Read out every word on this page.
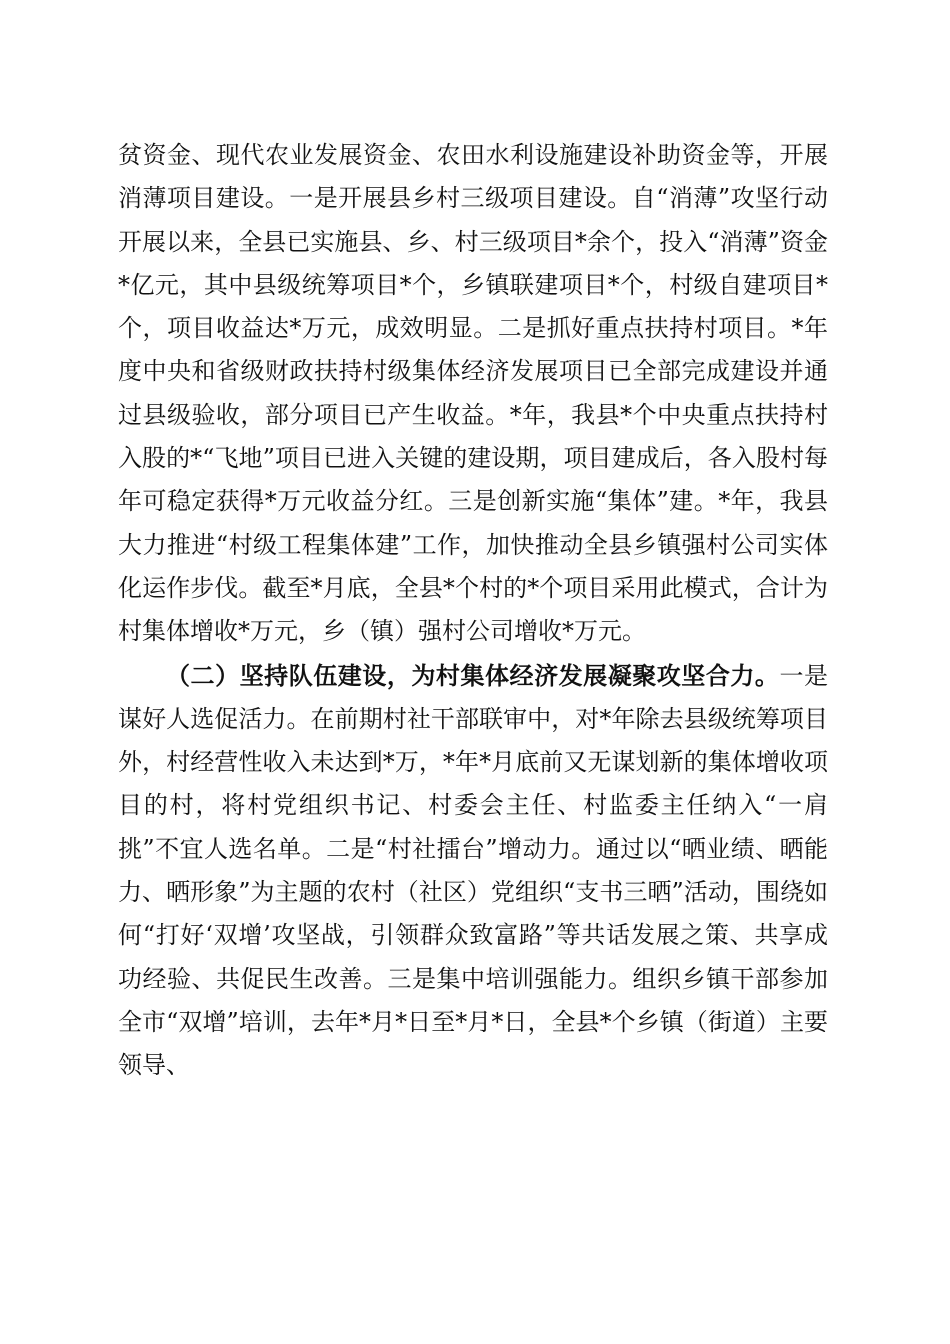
贫资金、现代农业发展资金、农田水利设施建设补助资金等，开展消薄项目建设。一是开展县乡村三级项目建设。自“消薄”攻坚行动开展以来，全县已实施县、乡、村三级项目*余个，投入“消薄”资金*亿元，其中县级统筹项目*个，乡镇联建项目*个，村级自建项目*个，项目收益达*万元，成效明显。二是抓好重点扶持村项目。*年度中央和省级财政扶持村级集体经济发展项目已全部完成建设并通过县级验收，部分项目已产生收益。*年，我县*个中央重点扶持村入股的*“飞地”项目已进入关键的建设期，项目建成后，各入股村每年可稳定获得*万元收益分红。三是创新实施“集体”建。*年，我县大力推进“村级工程集体建”工作，加快推动全县乡镇强村公司实体化运作步伐。截至*月底，全县*个村的*个项目采用此模式，合计为村集体增收*万元，乡（镇）强村公司增收*万元。

（二）坚持队伍建设，为村集体经济发展凝聚攻坚合力。一是谋好人选促活力。在前期村社干部联审中，对*年除去县级统筹项目外，村经营性收入未达到*万，*年*月底前又无谋划新的集体增收项目的村，将村党组织书记、村委会主任、村监委主任纳入“一肩挑”不宜人选名单。二是“村社擂台”增动力。通过以“晒业绩、晒能力、晒形象”为主题的农村（社区）党组织“支书三晒”活动，围绕如何“打好‘双增’攻坚战，引领群众致富路”等共话发展之策、共享成功经验、共促民生改善。三是集中培训强能力。组织乡镇干部参加全市“双增”培训，去年*月*日至*月*日，全县*个乡镇（街道）主要领导、
